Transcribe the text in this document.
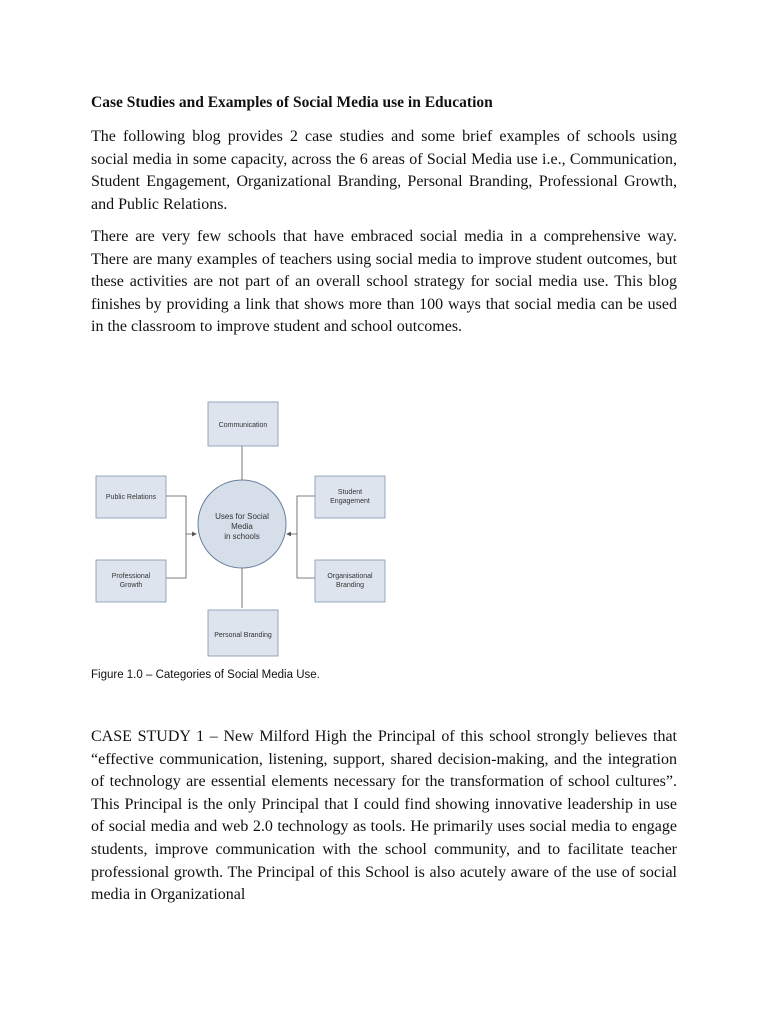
Case Studies and Examples of Social Media use in Education

The following blog provides 2 case studies and some brief examples of schools using social media in some capacity, across the 6 areas of Social Media use i.e., Communication, Student Engagement, Organizational Branding, Personal Branding, Professional Growth, and Public Relations.

There are very few schools that have embraced social media in a comprehensive way. There are many examples of teachers using social media to improve student outcomes, but these activities are not part of an overall school strategy for social media use. This blog finishes by providing a link that shows more than 100 ways that social media can be used in the classroom to improve student and school outcomes.

Communication
Student
Engagement
Organisational
Branding
Personal Branding
Professional
Growth
Public Relations
Uses for Social
Media
in schools

Figure 1.0 – Categories of Social Media Use.

CASE STUDY 1 – New Milford High the Principal of this school strongly believes that “effective communication, listening, support, shared decision-making, and the integration of technology are essential elements necessary for the transformation of school cultures”. This Principal is the only Principal that I could find showing innovative leadership in use of social media and web 2.0 technology as tools. He primarily uses social media to engage students, improve communication with the school community, and to facilitate teacher professional growth. The Principal of this School is also acutely aware of the use of social media in Organizational
